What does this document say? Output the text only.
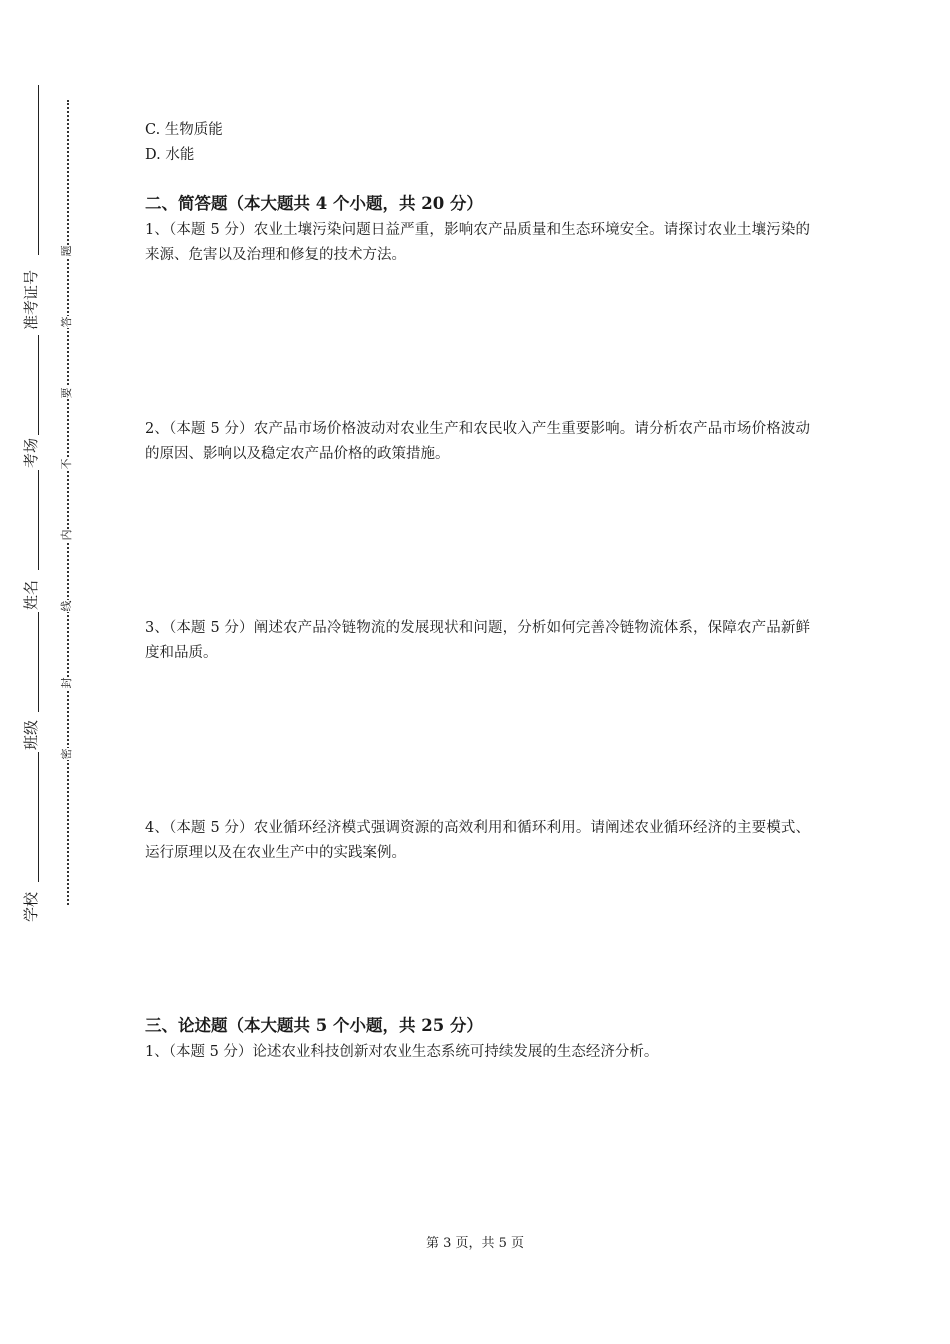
准考证号
考场
姓名
班级
学校
题
答
要
不
内
线
封
密
C. 生物质能
D. 水能
二、简答题（本大题共 4 个小题，共 20 分）
1、（本题 5 分）农业土壤污染问题日益严重，影响农产品质量和生态环境安全。请探讨农业土壤污染的来源、危害以及治理和修复的技术方法。
2、（本题 5 分）农产品市场价格波动对农业生产和农民收入产生重要影响。请分析农产品市场价格波动的原因、影响以及稳定农产品价格的政策措施。
3、（本题 5 分）阐述农产品冷链物流的发展现状和问题，分析如何完善冷链物流体系，保障农产品新鲜度和品质。
4、（本题 5 分）农业循环经济模式强调资源的高效利用和循环利用。请阐述农业循环经济的主要模式、运行原理以及在农业生产中的实践案例。
三、论述题（本大题共 5 个小题，共 25 分）
1、（本题 5 分）论述农业科技创新对农业生态系统可持续发展的生态经济分析。
第 3 页，共 5 页
